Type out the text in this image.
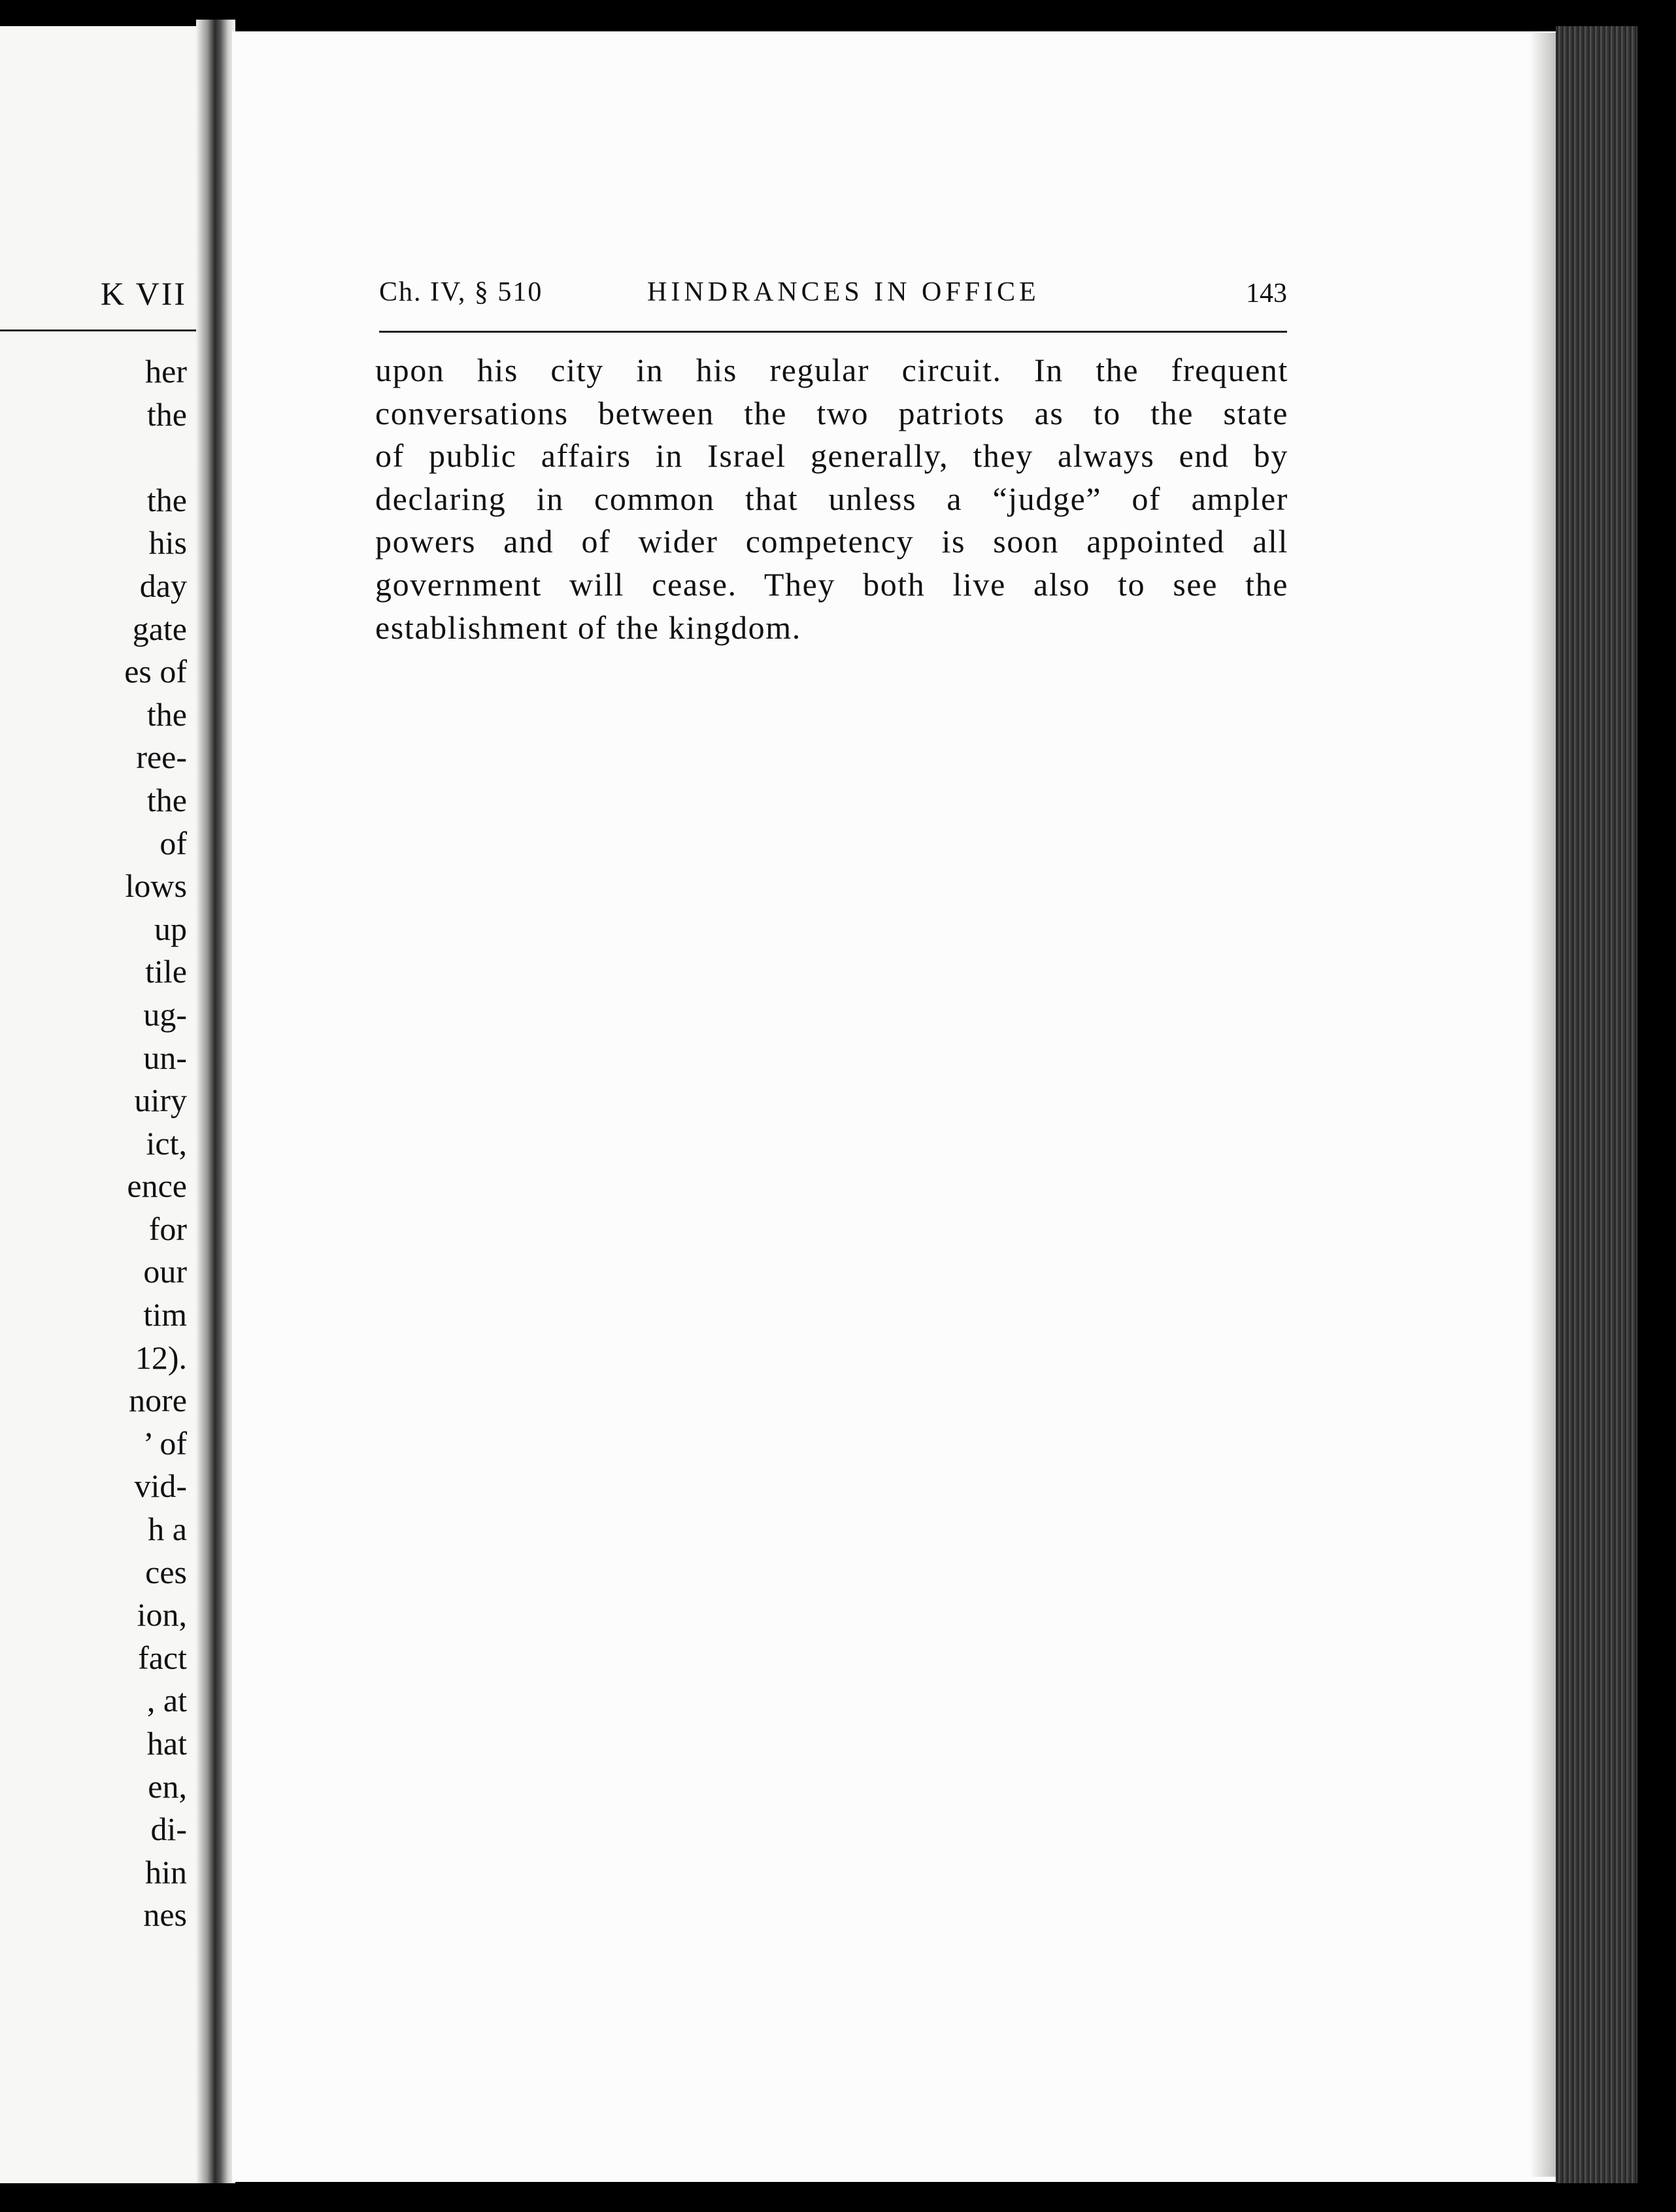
K VII
her
the
the
his
day
gate
es of
the
ree-
the
of
lows
up
tile
ug-
un-
uiry
ict,
ence
for
our
tim
12).
nore
’ of
vid-
h a
ces
ion,
fact
, at
hat
en,
di-
hin
nes
Ch. IV, § 510	HINDRANCES IN OFFICE	143
upon his city in his regular circuit. In the frequent
conversations between the two patriots as to the state
of public affairs in Israel generally, they always end by
declaring in common that unless a “judge” of ampler
powers and of wider competency is soon appointed all
government will cease. They both live also to see the
establishment of the kingdom.
